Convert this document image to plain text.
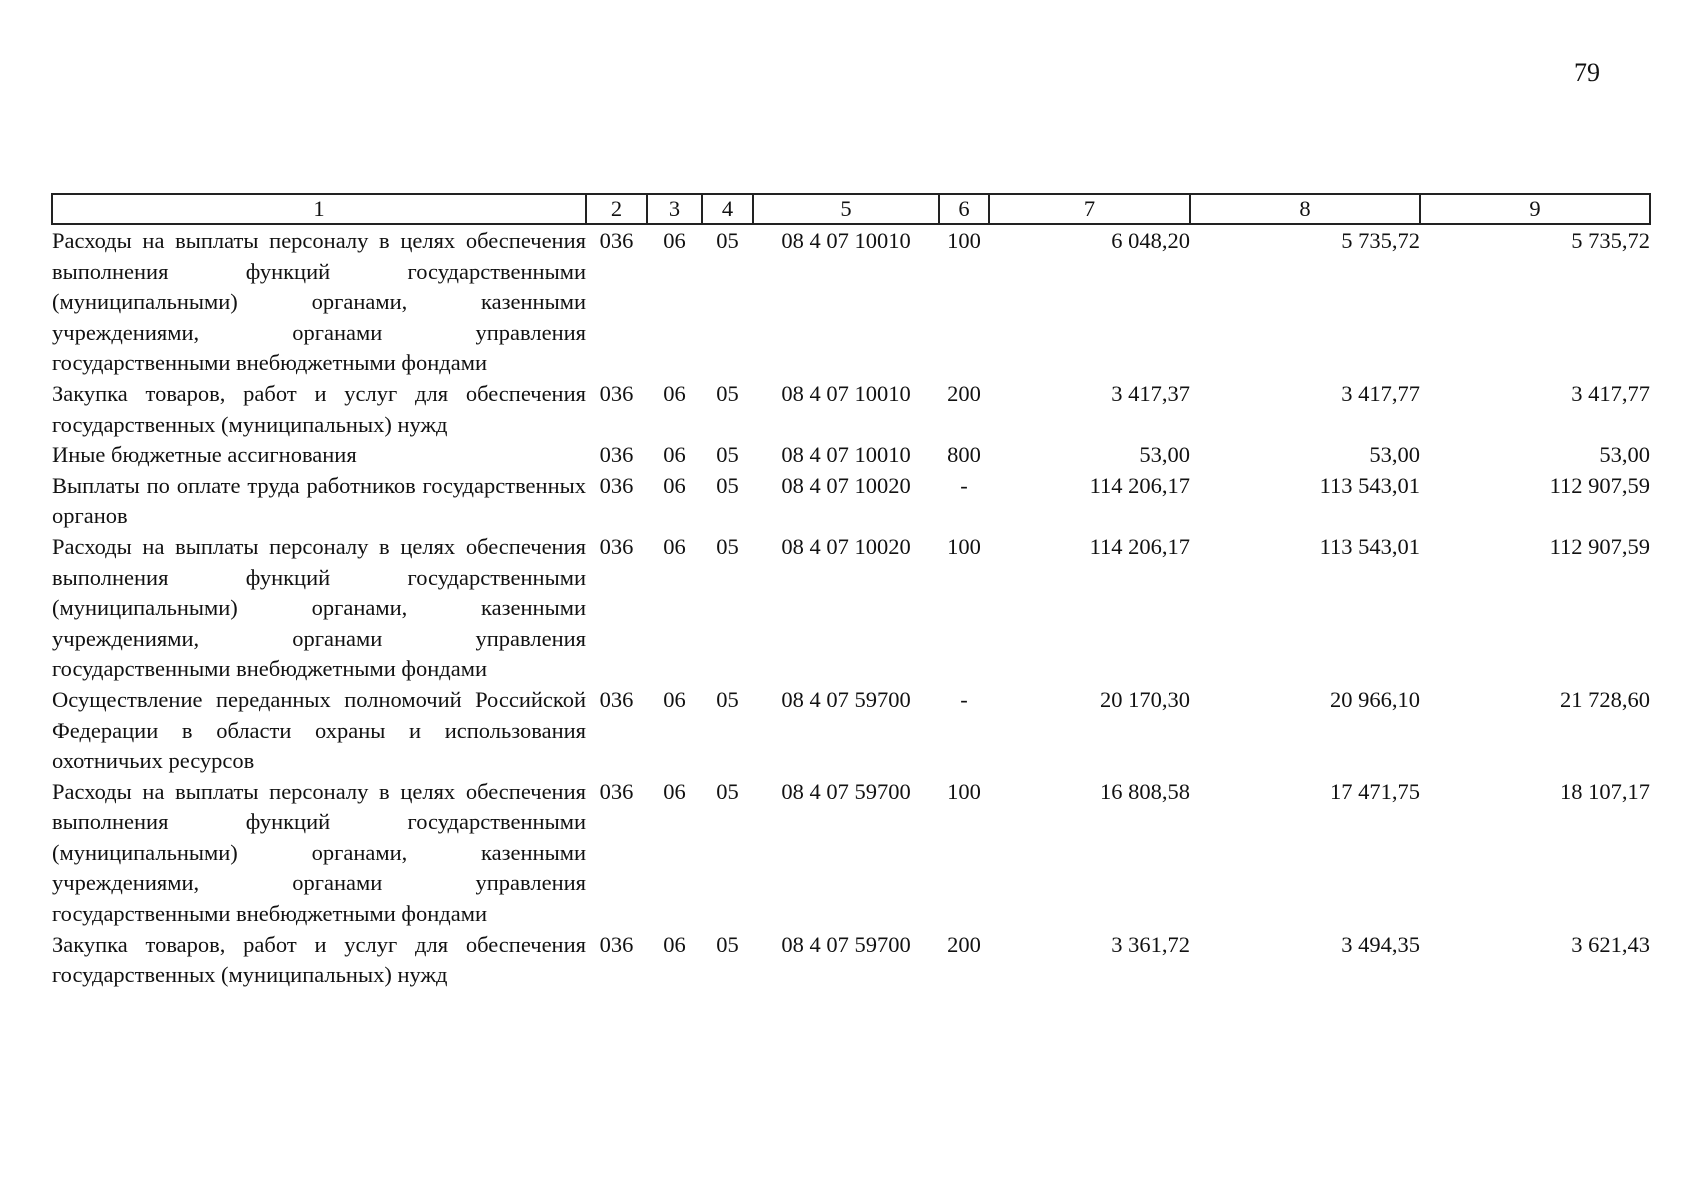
79
1	2	3	4	5	6	7	8	9
Расходы на выплаты персоналу в целях обеспечения выполнения функций государственными (муниципальными) органами, казенными учреждениями, органами управления государственными внебюджетными фондами	036	06	05	08 4 07 10010	100	6 048,20	5 735,72	5 735,72
Закупка товаров, работ и услуг для обеспечения государственных (муниципальных) нужд	036	06	05	08 4 07 10010	200	3 417,37	3 417,77	3 417,77
Иные бюджетные ассигнования	036	06	05	08 4 07 10010	800	53,00	53,00	53,00
Выплаты по оплате труда работников государственных органов	036	06	05	08 4 07 10020	-	114 206,17	113 543,01	112 907,59
Расходы на выплаты персоналу в целях обеспечения выполнения функций государственными (муниципальными) органами, казенными учреждениями, органами управления государственными внебюджетными фондами	036	06	05	08 4 07 10020	100	114 206,17	113 543,01	112 907,59
Осуществление переданных полномочий Российской Федерации в области охраны и использования охотничьих ресурсов	036	06	05	08 4 07 59700	-	20 170,30	20 966,10	21 728,60
Расходы на выплаты персоналу в целях обеспечения выполнения функций государственными (муниципальными) органами, казенными учреждениями, органами управления государственными внебюджетными фондами	036	06	05	08 4 07 59700	100	16 808,58	17 471,75	18 107,17
Закупка товаров, работ и услуг для обеспечения государственных (муниципальных) нужд	036	06	05	08 4 07 59700	200	3 361,72	3 494,35	3 621,43
